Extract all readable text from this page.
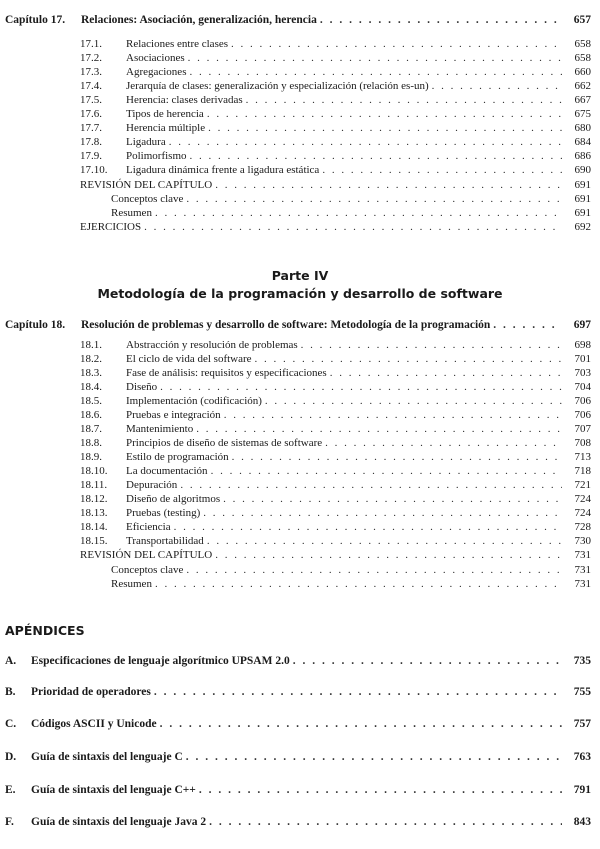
Capítulo 17.	Relaciones: Asociación, generalización, herencia . . .	657
17.1.	Relaciones entre clases . . .	658
17.2.	Asociaciones . . .	658
17.3.	Agregaciones . . .	660
17.4.	Jerarquía de clases: generalización y especialización (relación es-un) . . .	662
17.5.	Herencia: clases derivadas . . .	667
17.6.	Tipos de herencia . . .	675
17.7.	Herencia múltiple . . .	680
17.8.	Ligadura . . .	684
17.9.	Polimorfismo . . .	686
17.10.	Ligadura dinámica frente a ligadura estática . . .	690
REVISIÓN DEL CAPÍTULO . . .	691
Conceptos clave . . .	691
Resumen . . .	691
EJERCICIOS . . .	692
Parte IV
Metodología de la programación y desarrollo de software
Capítulo 18.	Resolución de problemas y desarrollo de software: Metodología de la programación . . .	697
18.1.	Abstracción y resolución de problemas . . .	698
18.2.	El ciclo de vida del software . . .	701
18.3.	Fase de análisis: requisitos y especificaciones . . .	703
18.4.	Diseño . . .	704
18.5.	Implementación (codificación) . . .	706
18.6.	Pruebas e integración . . .	706
18.7.	Mantenimiento . . .	707
18.8.	Principios de diseño de sistemas de software . . .	708
18.9.	Estilo de programación . . .	713
18.10.	La documentación . . .	718
18.11.	Depuración . . .	721
18.12.	Diseño de algoritmos . . .	724
18.13.	Pruebas (testing) . . .	724
18.14.	Eficiencia . . .	728
18.15.	Transportabilidad . . .	730
REVISIÓN DEL CAPÍTULO . . .	731
Conceptos clave . . .	731
Resumen . . .	731
APÉNDICES
A.	Especificaciones de lenguaje algorítmico UPSAM 2.0 . . .	735
B.	Prioridad de operadores . . .	755
C.	Códigos ASCII y Unicode . . .	757
D.	Guía de sintaxis del lenguaje C . . .	763
E.	Guía de sintaxis del lenguaje C++ . . .	791
F.	Guía de sintaxis del lenguaje Java 2 . . .	843
